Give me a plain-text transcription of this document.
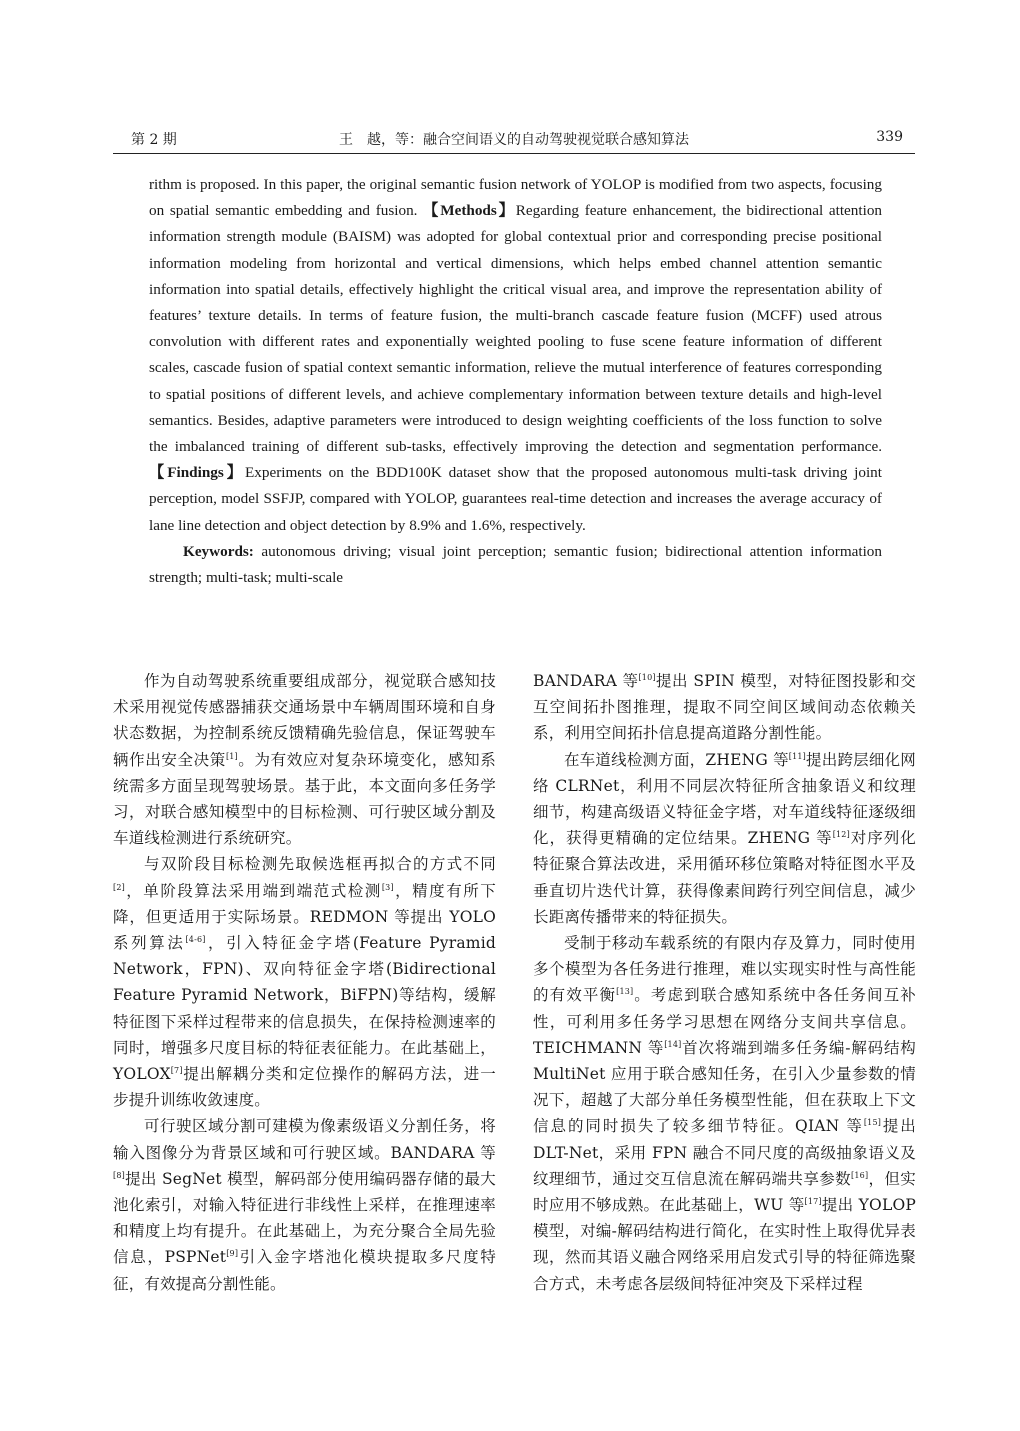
第 2 期	王　越，等：融合空间语义的自动驾驶视觉联合感知算法	339

rithm is proposed. In this paper, the original semantic fusion network of YOLOP is modified from two aspects, focusing on spatial semantic embedding and fusion. 【Methods】Regarding feature enhancement, the bidirectional attention information strength module (BAISM) was adopted for global contextual prior and corresponding precise positional information modeling from horizontal and vertical dimensions, which helps embed channel attention semantic information into spatial details, effectively highlight the critical visual area, and improve the representation ability of features’ texture details. In terms of feature fusion, the multi-branch cascade feature fusion (MCFF) used atrous convolution with different rates and exponentially weighted pooling to fuse scene feature information of different scales, cascade fusion of spatial context semantic information, relieve the mutual interference of features corresponding to spatial positions of different levels, and achieve complementary information between texture details and high-level semantics. Besides, adaptive parameters were introduced to design weighting coefficients of the loss function to solve the imbalanced training of different sub-tasks, effectively improving the detection and segmentation performance. 【Findings】Experiments on the BDD100K dataset show that the proposed autonomous multi-task driving joint perception, model SSFJP, compared with YOLOP, guarantees real-time detection and increases the average accuracy of lane line detection and object detection by 8.9% and 1.6%, respectively.

Keywords: autonomous driving; visual joint perception; semantic fusion; bidirectional attention information strength; multi-task; multi-scale

作为自动驾驶系统重要组成部分，视觉联合感知技术采用视觉传感器捕获交通场景中车辆周围环境和自身状态数据，为控制系统反馈精确先验信息，保证驾驶车辆作出安全决策[1]。为有效应对复杂环境变化，感知系统需多方面呈现驾驶场景。基于此，本文面向多任务学习，对联合感知模型中的目标检测、可行驶区域分割及车道线检测进行系统研究。

与双阶段目标检测先取候选框再拟合的方式不同[2]，单阶段算法采用端到端范式检测[3]，精度有所下降，但更适用于实际场景。REDMON 等提出 YOLO 系列算法[4-6]，引入特征金字塔(Feature Pyramid Network，FPN)、双向特征金字塔(Bidirectional Feature Pyramid Network，BiFPN)等结构，缓解特征图下采样过程带来的信息损失，在保持检测速率的同时，增强多尺度目标的特征表征能力。在此基础上，YOLOX[7]提出解耦分类和定位操作的解码方法，进一步提升训练收敛速度。

可行驶区域分割可建模为像素级语义分割任务，将输入图像分为背景区域和可行驶区域。BANDARA 等[8]提出 SegNet 模型，解码部分使用编码器存储的最大池化索引，对输入特征进行非线性上采样，在推理速率和精度上均有提升。在此基础上，为充分聚合全局先验信息，PSPNet[9]引入金字塔池化模块提取多尺度特征，有效提高分割性能。

BANDARA 等[10]提出 SPIN 模型，对特征图投影和交互空间拓扑图推理，提取不同空间区域间动态依赖关系，利用空间拓扑信息提高道路分割性能。

在车道线检测方面，ZHENG 等[11]提出跨层细化网络 CLRNet，利用不同层次特征所含抽象语义和纹理细节，构建高级语义特征金字塔，对车道线特征逐级细化，获得更精确的定位结果。ZHENG 等[12]对序列化特征聚合算法改进，采用循环移位策略对特征图水平及垂直切片迭代计算，获得像素间跨行列空间信息，减少长距离传播带来的特征损失。

受制于移动车载系统的有限内存及算力，同时使用多个模型为各任务进行推理，难以实现实时性与高性能的有效平衡[13]。考虑到联合感知系统中各任务间互补性，可利用多任务学习思想在网络分支间共享信息。TEICHMANN 等[14]首次将端到端多任务编-解码结构 MultiNet 应用于联合感知任务，在引入少量参数的情况下，超越了大部分单任务模型性能，但在获取上下文信息的同时损失了较多细节特征。QIAN 等[15]提出 DLT-Net，采用 FPN 融合不同尺度的高级抽象语义及纹理细节，通过交互信息流在解码端共享参数[16]，但实时应用不够成熟。在此基础上，WU 等[17]提出 YOLOP 模型，对编-解码结构进行简化，在实时性上取得优异表现，然而其语义融合网络采用启发式引导的特征筛选聚合方式，未考虑各层级间特征冲突及下采样过程
